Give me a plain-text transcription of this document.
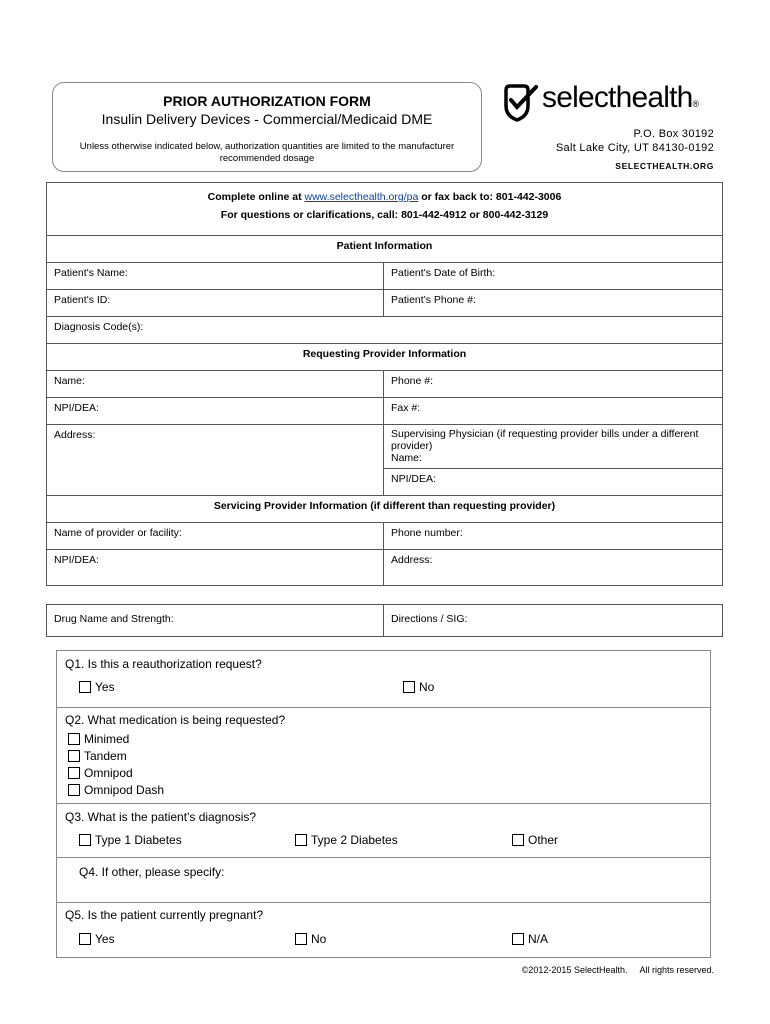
PRIOR AUTHORIZATION FORM
Insulin Delivery Devices - Commercial/Medicaid DME
Unless otherwise indicated below, authorization quantities are limited to the manufacturer recommended dosage
selecthealth®
P.O. Box 30192
Salt Lake City, UT 84130-0192
SELECTHEALTH.ORG
Complete online at www.selecthealth.org/pa or fax back to: 801-442-3006
For questions or clarifications, call: 801-442-4912 or 800-442-3129	
Patient Information	
Patient's Name:	Patient's Date of Birth:
Patient's ID:	Patient's Phone #:
Diagnosis Code(s):	
Requesting Provider Information	
Name:	Phone #:
NPI/DEA:	Fax #:
Address:	Supervising Physician (if requesting provider bills under a different provider)
Name:

	NPI/DEA:
Servicing Provider Information (if different than requesting provider)	
Name of provider or facility:	Phone number:
NPI/DEA:	Address:
Drug Name and Strength:	Directions / SIG:
Q1. Is this a reauthorization request?
Yes	No
Q2. What medication is being requested?
Minimed
Tandem
Omnipod
Omnipod Dash
Q3. What is the patient's diagnosis?
Type 1 Diabetes	Type 2 Diabetes	Other
Q4. If other, please specify:
Q5. Is the patient currently pregnant?
Yes	No	N/A
©2012-2015 SelectHealth.     All rights reserved.
